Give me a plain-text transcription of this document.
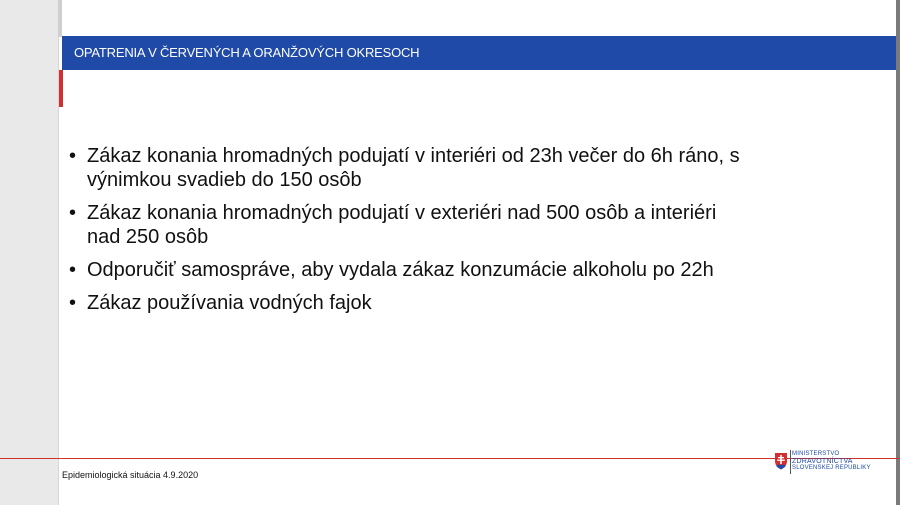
OPATRENIA V ČERVENÝCH A ORANŽOVÝCH OKRESOCH
• Zákaz konania hromadných podujatí v interiéri od 23h večer do 6h ráno, s
výnimkou svadieb do 150 osôb
• Zákaz konania hromadných podujatí v exteriéri nad 500 osôb a interiéri
nad 250 osôb
• Odporučiť samospráve, aby vydala zákaz konzumácie alkoholu po 22h
• Zákaz používania vodných fajok
Epidemiologická situácia 4.9.2020
MINISTERSTVO
ZDRAVOTNÍCTVA
SLOVENSKEJ REPUBLIKY
